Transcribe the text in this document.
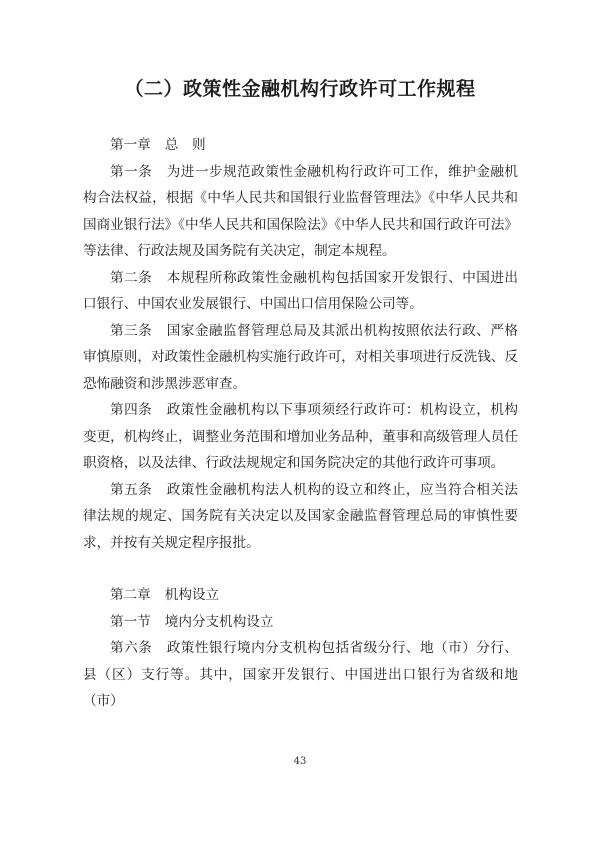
（二）政策性金融机构行政许可工作规程

第一章 总　则

第一条 为进一步规范政策性金融机构行政许可工作，维护金融机构合法权益，根据《中华人民共和国银行业监督管理法》《中华人民共和国商业银行法》《中华人民共和国保险法》《中华人民共和国行政许可法》等法律、行政法规及国务院有关决定，制定本规程。

第二条 本规程所称政策性金融机构包括国家开发银行、中国进出口银行、中国农业发展银行、中国出口信用保险公司等。

第三条 国家金融监督管理总局及其派出机构按照依法行政、严格审慎原则，对政策性金融机构实施行政许可，对相关事项进行反洗钱、反恐怖融资和涉黑涉恶审查。

第四条 政策性金融机构以下事项须经行政许可：机构设立，机构变更，机构终止，调整业务范围和增加业务品种，董事和高级管理人员任职资格，以及法律、行政法规规定和国务院决定的其他行政许可事项。

第五条 政策性金融机构法人机构的设立和终止，应当符合相关法律法规的规定、国务院有关决定以及国家金融监督管理总局的审慎性要求，并按有关规定程序报批。

第二章 机构设立

第一节 境内分支机构设立

第六条 政策性银行境内分支机构包括省级分行、地（市）分行、县（区）支行等。其中，国家开发银行、中国进出口银行为省级和地（市）

43
